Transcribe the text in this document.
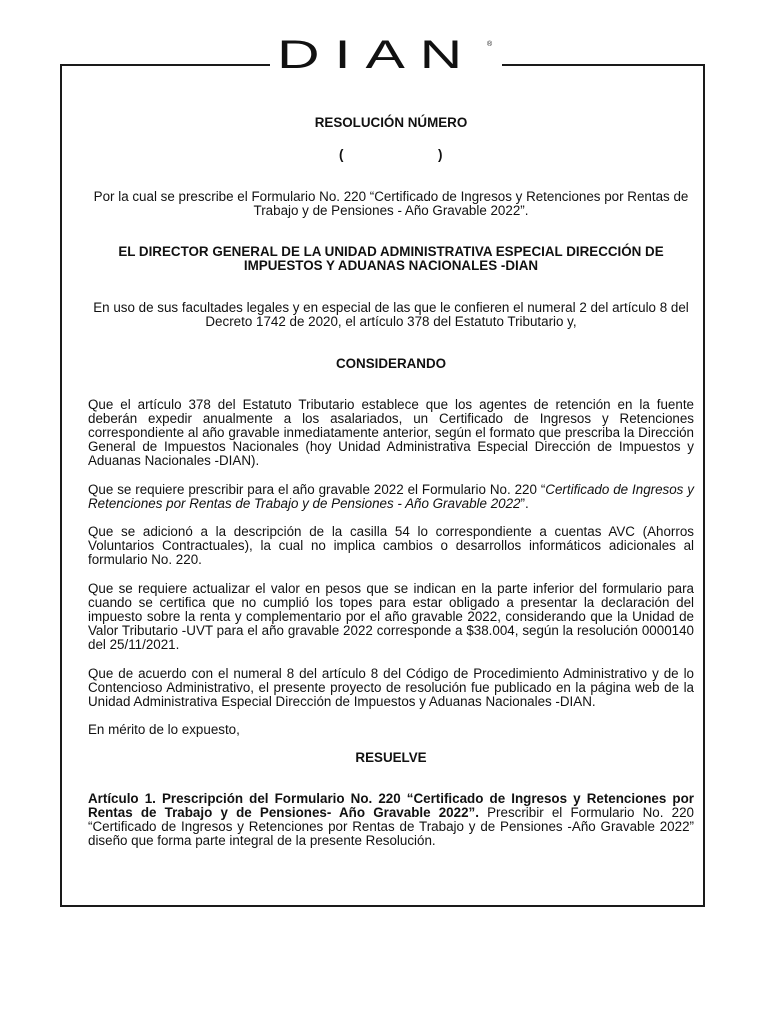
DIAN ®

RESOLUCIÓN NÚMERO

(	)

Por la cual se prescribe el Formulario No. 220 “Certificado de Ingresos y Retenciones por Rentas de Trabajo y de Pensiones - Año Gravable 2022”.

EL DIRECTOR GENERAL DE LA UNIDAD ADMINISTRATIVA ESPECIAL DIRECCIÓN DE IMPUESTOS Y ADUANAS NACIONALES -DIAN

En uso de sus facultades legales y en especial de las que le confieren el numeral 2 del artículo 8 del Decreto 1742 de 2020, el artículo 378 del Estatuto Tributario y,

CONSIDERANDO

Que el artículo 378 del Estatuto Tributario establece que los agentes de retención en la fuente deberán expedir anualmente a los asalariados, un Certificado de Ingresos y Retenciones correspondiente al año gravable inmediatamente anterior, según el formato que prescriba la Dirección General de Impuestos Nacionales (hoy Unidad Administrativa Especial Dirección de Impuestos y Aduanas Nacionales -DIAN).

Que se requiere prescribir para el año gravable 2022 el Formulario No. 220 “Certificado de Ingresos y Retenciones por Rentas de Trabajo y de Pensiones - Año Gravable 2022”.

Que se adicionó a la descripción de la casilla 54 lo correspondiente a cuentas AVC (Ahorros Voluntarios Contractuales), la cual no implica cambios o desarrollos informáticos adicionales al formulario No. 220.

Que se requiere actualizar el valor en pesos que se indican en la parte inferior del formulario para cuando se certifica que no cumplió los topes para estar obligado a presentar la declaración del impuesto sobre la renta y complementario por el año gravable 2022, considerando que la Unidad de Valor Tributario -UVT para el año gravable 2022 corresponde a $38.004, según la resolución 0000140 del 25/11/2021.

Que de acuerdo con el numeral 8 del artículo 8 del Código de Procedimiento Administrativo y de lo Contencioso Administrativo, el presente proyecto de resolución fue publicado en la página web de la Unidad Administrativa Especial Dirección de Impuestos y Aduanas Nacionales -DIAN.

En mérito de lo expuesto,

RESUELVE

Artículo 1. Prescripción del Formulario No. 220 “Certificado de Ingresos y Retenciones por Rentas de Trabajo y de Pensiones- Año Gravable 2022”. Prescribir el Formulario No. 220 “Certificado de Ingresos y Retenciones por Rentas de Trabajo y de Pensiones -Año Gravable 2022” diseño que forma parte integral de la presente Resolución.
